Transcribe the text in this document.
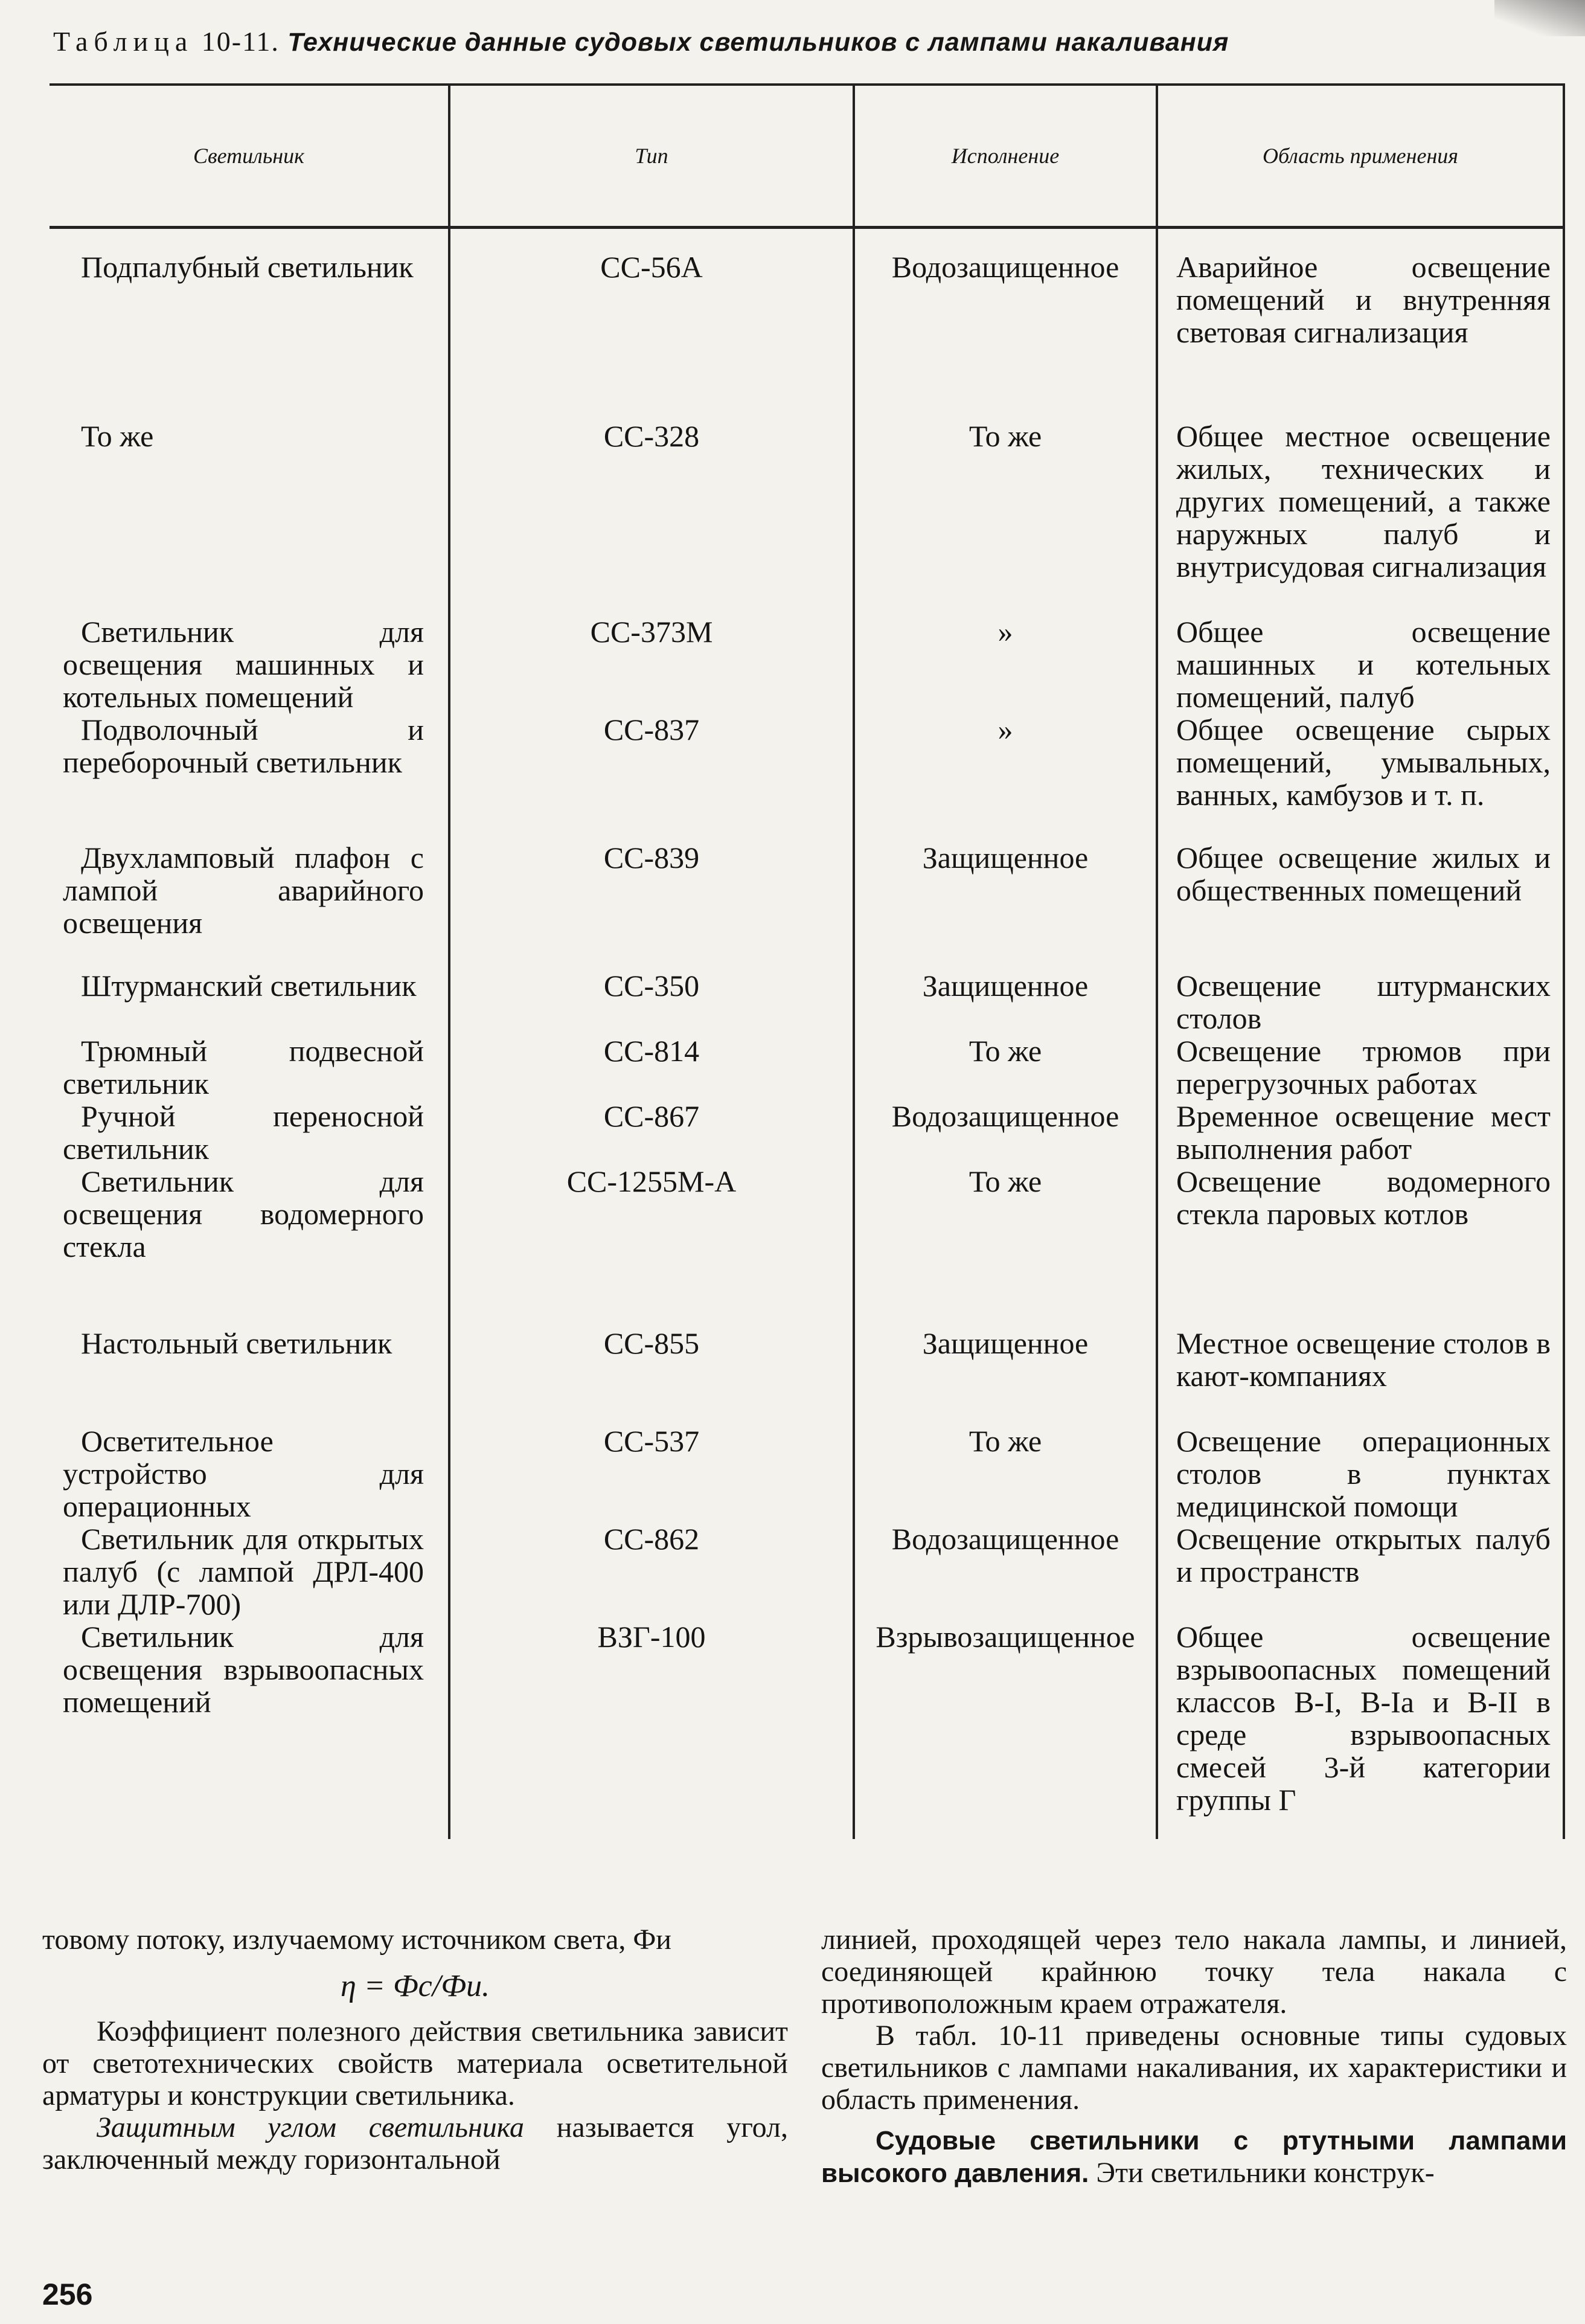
Таблица 10-11. Технические данные судовых светильников с лампами накаливания
Светильник	Тип	Исполнение	Область применения
Подпалубный светильник	СС-56А	Водозащищенное	Аварийное освещение помещений и внутренняя световая сигнализация
То же	СС-328	То же	Общее местное освещение жилых, технических и других помещений, а также наружных палуб и внутрисудовая сигнализация
Светильник для освещения машинных и котельных помещений	СС-373М	»	Общее освещение машинных и котельных помещений, палуб
Подволочный и переборочный светильник	СС-837	»	Общее освещение сырых помещений, умывальных, ванных, камбузов и т. п.
Двухламповый плафон с лампой аварийного освещения	СС-839	Защищенное	Общее освещение жилых и общественных помещений
Штурманский светильник	СС-350	Защищенное	Освещение штурманских столов
Трюмный подвесной светильник	СС-814	То же	Освещение трюмов при перегрузочных работах
Ручной переносной светильник	СС-867	Водозащищенное	Временное освещение мест выполнения работ
Светильник для освещения водомерного стекла	СС-1255М-А	То же	Освещение водомерного стекла паровых котлов
Настольный светильник	СС-855	Защищенное	Местное освещение столов в кают-компаниях
Осветительное устройство для операционных	СС-537	То же	Освещение операционных столов в пунктах медицинской помощи
Светильник для открытых палуб (с лампой ДРЛ-400 или ДЛР-700)	СС-862	Водозащищенное	Освещение открытых палуб и пространств
Светильник для освещения взрывоопасных помещений	ВЗГ-100	Взрывозащищенное	Общее освещение взрывоопасных помещений классов В-I, В-Iа и В-II в среде взрывоопасных смесей 3-й категории группы Г

товому потоку, излучаемому источником света, Фи

η = Фс/Фи.

Коэффициент полезного действия светильника зависит от светотехнических свойств материала осветительной арматуры и конструкции светильника.

Защитным углом светильника называется угол, заключенный между горизонтальной

линией, проходящей через тело накала лампы, и линией, соединяющей крайнюю точку тела накала с противоположным краем отражателя.

В табл. 10-11 приведены основные типы судовых светильников с лампами накаливания, их характеристики и область применения.

Судовые светильники с ртутными лампами высокого давления. Эти светильники конструк-

256
